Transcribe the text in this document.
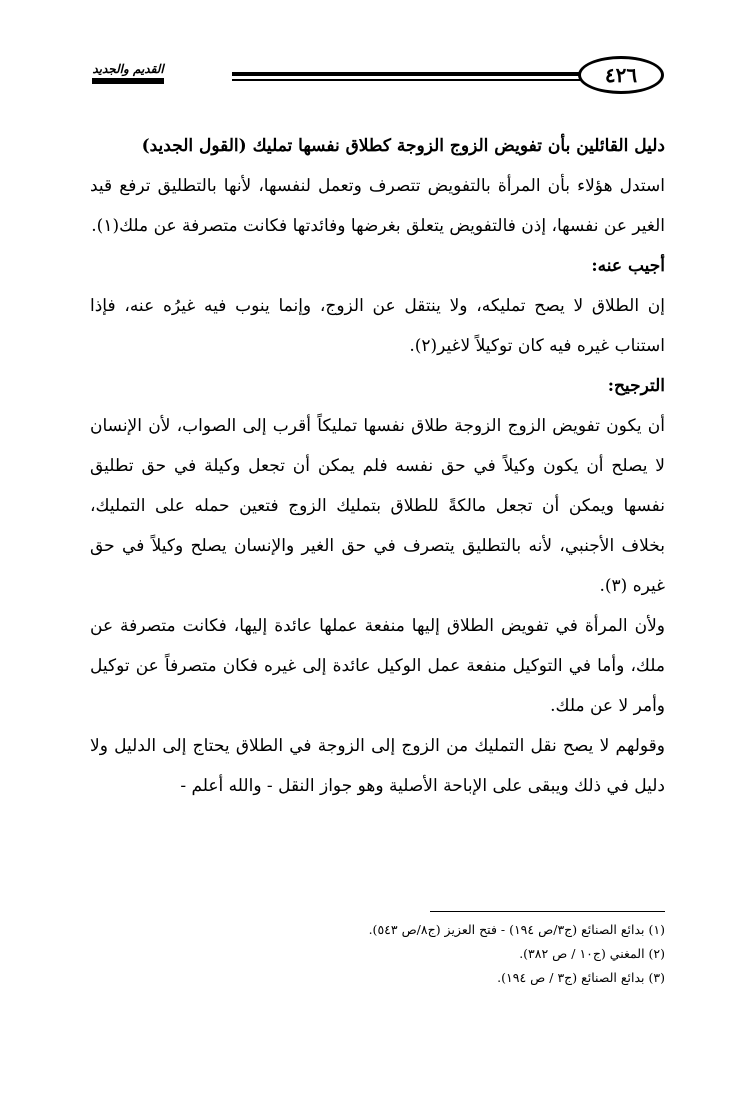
القديم والجديد	٤٢٦
دليل القائلين بأن تفويض الزوج الزوجة كطلاق نفسها تمليك (القول الجديد)
استدل هؤلاء بأن المرأة بالتفويض تتصرف وتعمل لنفسها، لأنها بالتطليق ترفع قيد الغير عن نفسها، إذن فالتفويض يتعلق بغرضها وفائدتها فكانت متصرفة عن ملك(١).
أجيب عنه:
إن الطلاق لا يصح تمليكه، ولا ينتقل عن الزوج، وإنما ينوب فيه غيرُه عنه، فإذا استناب غيره فيه كان توكيلاً لاغير(٢).
الترجيح:
أن يكون تفويض الزوج الزوجة طلاق نفسها تمليكاً أقرب إلى الصواب، لأن الإنسان لا يصلح أن يكون وكيلاً في حق نفسه فلم يمكن أن تجعل وكيلة في حق تطليق نفسها ويمكن أن تجعل مالكةً للطلاق بتمليك الزوج فتعين حمله على التمليك، بخلاف الأجنبي، لأنه بالتطليق يتصرف في حق الغير والإنسان يصلح وكيلاً في حق غيره (٣).
ولأن المرأة في تفويض الطلاق إليها منفعة عملها عائدة إليها، فكانت متصرفة عن ملك، وأما في التوكيل منفعة عمل الوكيل عائدة إلى غيره فكان متصرفاً عن توكيل وأمر لا عن ملك.
وقولهم لا يصح نقل التمليك من الزوج إلى الزوجة في الطلاق يحتاج إلى الدليل ولا دليل في ذلك ويبقى على الإباحة الأصلية وهو جواز النقل - والله أعلم -
(١) بدائع الصنائع (ج٣/ص ١٩٤) - فتح العزيز (ج٨/ص ٥٤٣).
(٢) المغني (ج١٠ / ص ٣٨٢).
(٣) بدائع الصنائع (ج٣ / ص ١٩٤).
